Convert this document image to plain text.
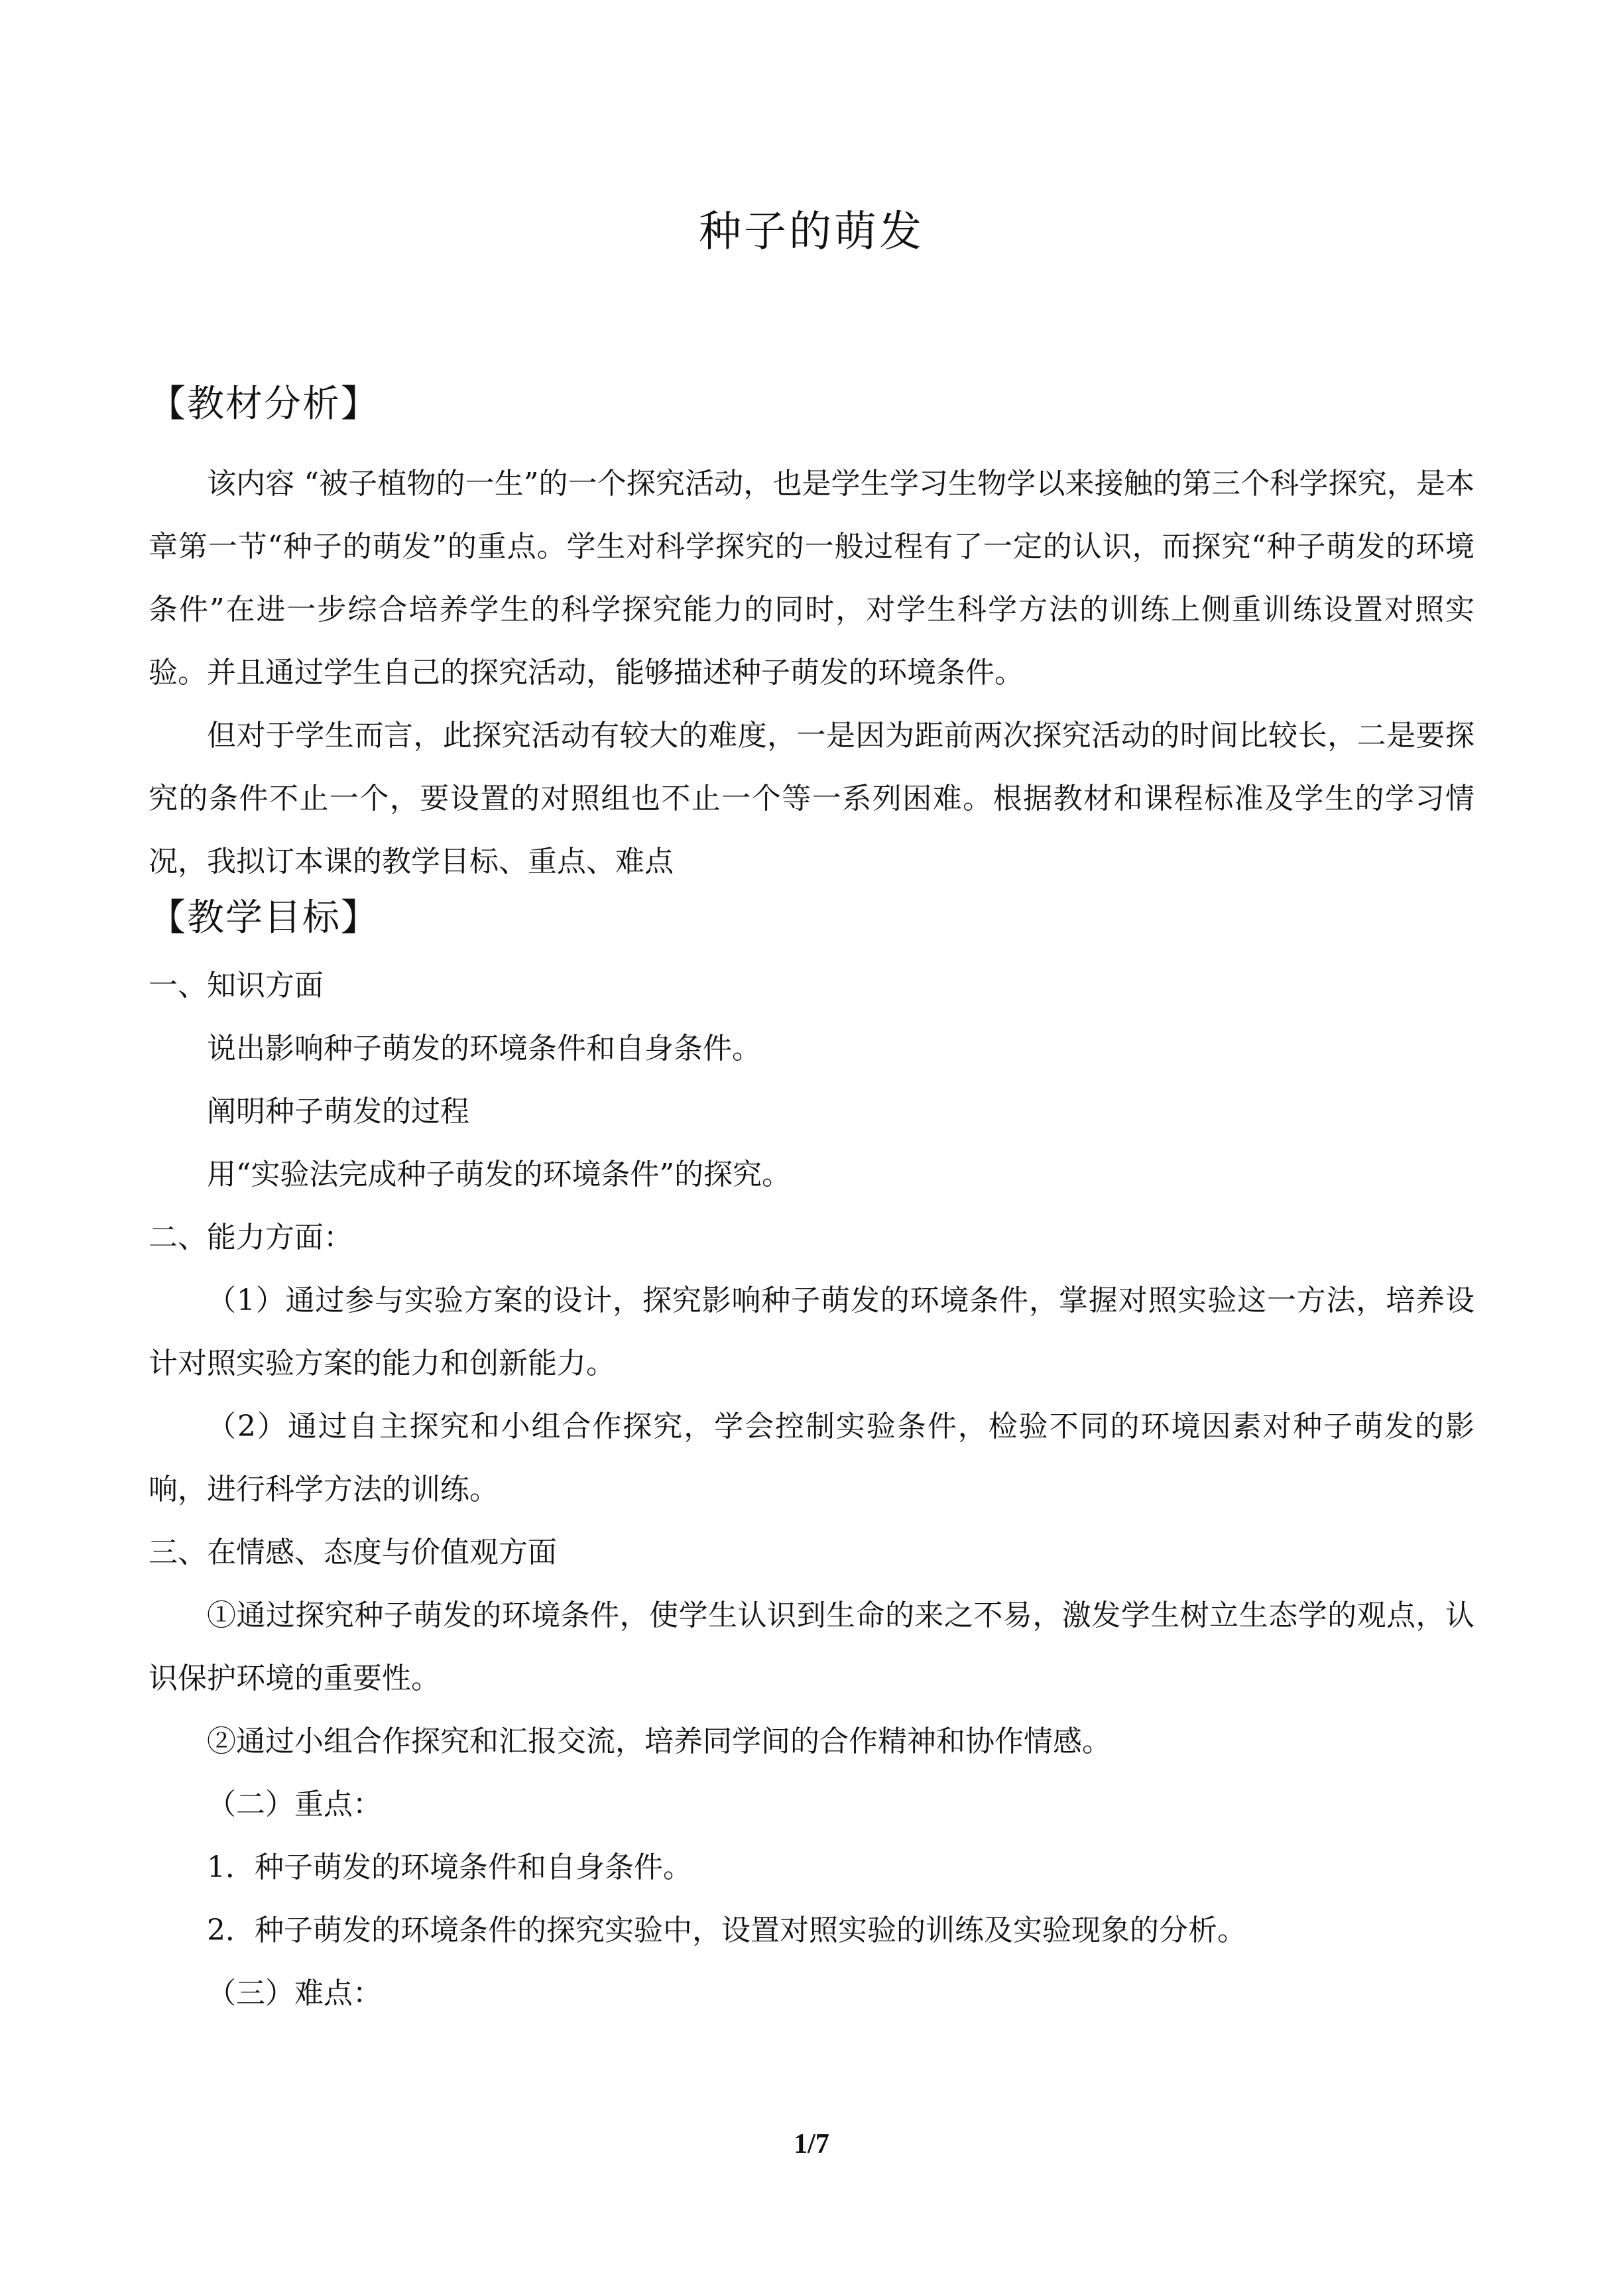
种子的萌发

【教材分析】

该内容 “被子植物的一生”的一个探究活动，也是学生学习生物学以来接触的第三个科学探究，是本章第一节“种子的萌发”的重点。学生对科学探究的一般过程有了一定的认识，而探究“种子萌发的环境条件”在进一步综合培养学生的科学探究能力的同时，对学生科学方法的训练上侧重训练设置对照实验。并且通过学生自己的探究活动，能够描述种子萌发的环境条件。

但对于学生而言，此探究活动有较大的难度，一是因为距前两次探究活动的时间比较长，二是要探究的条件不止一个，要设置的对照组也不止一个等一系列困难。根据教材和课程标准及学生的学习情况，我拟订本课的教学目标、重点、难点

【教学目标】

一、知识方面

说出影响种子萌发的环境条件和自身条件。

阐明种子萌发的过程

用“实验法完成种子萌发的环境条件”的探究。

二、能力方面：

（1）通过参与实验方案的设计，探究影响种子萌发的环境条件，掌握对照实验这一方法，培养设计对照实验方案的能力和创新能力。

（2）通过自主探究和小组合作探究，学会控制实验条件，检验不同的环境因素对种子萌发的影响，进行科学方法的训练。

三、在情感、态度与价值观方面

①通过探究种子萌发的环境条件，使学生认识到生命的来之不易，激发学生树立生态学的观点，认识保护环境的重要性。

②通过小组合作探究和汇报交流，培养同学间的合作精神和协作情感。

（二）重点：

1．种子萌发的环境条件和自身条件。

2．种子萌发的环境条件的探究实验中，设置对照实验的训练及实验现象的分析。

（三）难点：

1/7
